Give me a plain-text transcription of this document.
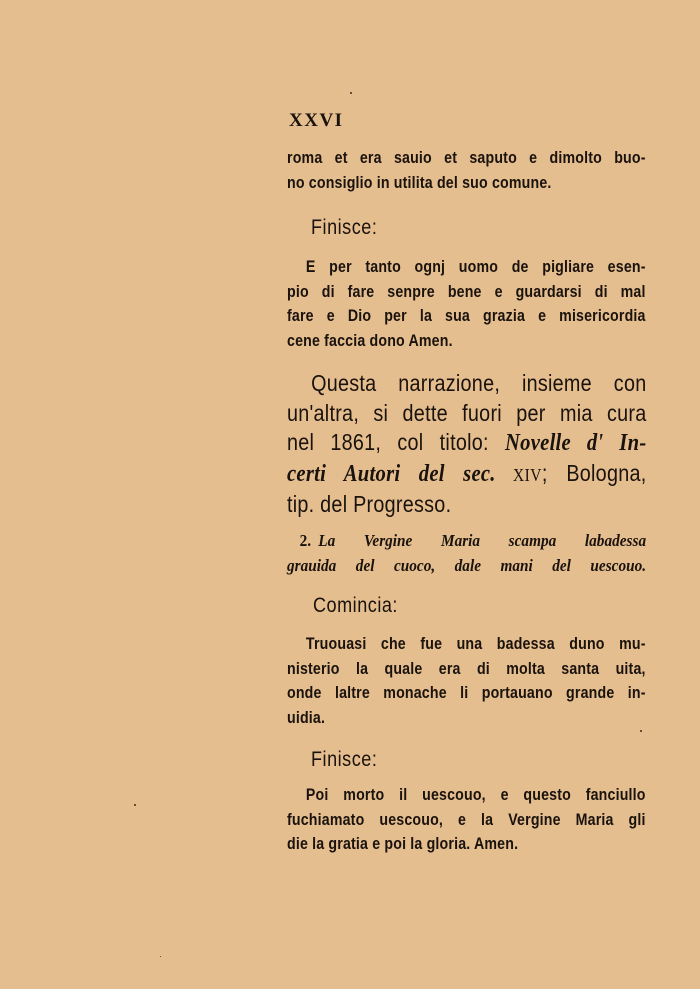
XXVI
roma et era sauio et saputo e dimolto buo-
no consiglio in utilita del suo comune.
Finisce:
E per tanto ognj uomo de pigliare esen-
pio di fare senpre bene e guardarsi di mal
fare e Dio per la sua grazia e misericordia
cene faccia dono Amen.
Questa narrazione, insieme con
un'altra, si dette fuori per mia cura
nel 1861, col titolo: Novelle d' In-
certi Autori del sec. XIV; Bologna,
tip. del Progresso.
2. La Vergine Maria scampa labadessa
grauida del cuoco, dale mani del uescouo.
Comincia:
Truouasi che fue una badessa duno mu-
nisterio la quale era di molta santa uita,
onde laltre monache li portauano grande in-
uidia.
Finisce:
Poi morto il uescouo, e questo fanciullo
fuchiamato uescouo, e la Vergine Maria gli
die la gratia e poi la gloria. Amen.
